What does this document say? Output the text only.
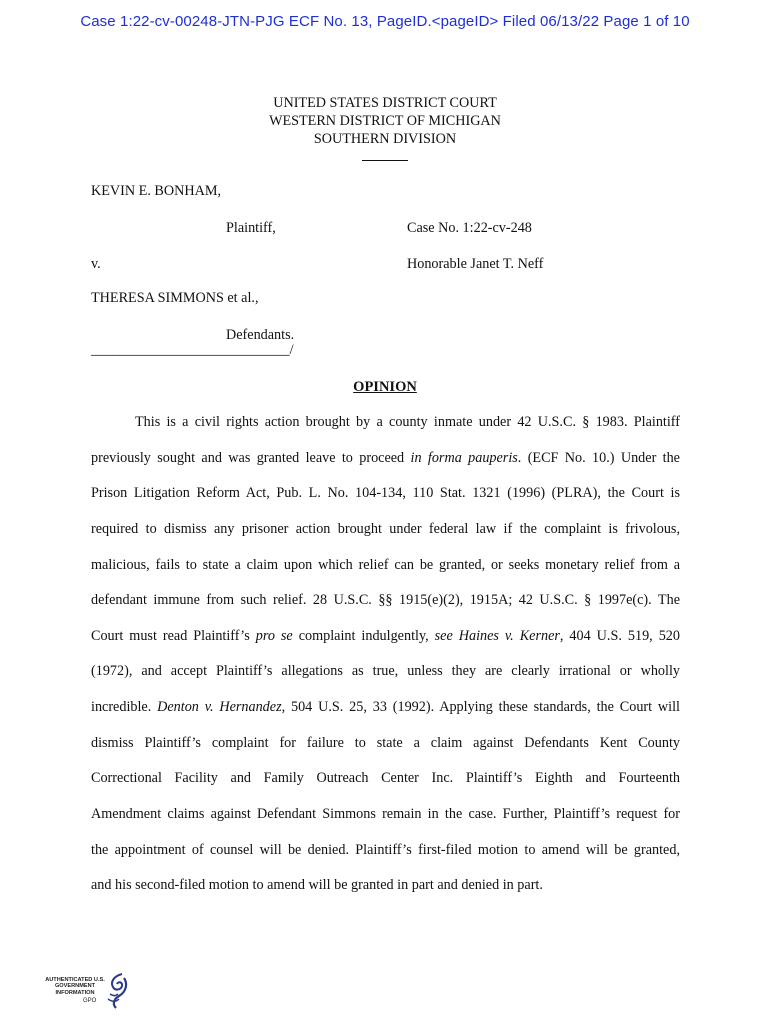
Case 1:22-cv-00248-JTN-PJG ECF No. 13, PageID.<pageID> Filed 06/13/22 Page 1 of 10
UNITED STATES DISTRICT COURT
WESTERN DISTRICT OF MICHIGAN
SOUTHERN DIVISION
KEVIN E. BONHAM,
Plaintiff,	Case No. 1:22-cv-248
v.	Honorable Janet T. Neff
THERESA SIMMONS et al.,
Defendants.
____________________________/
OPINION
This is a civil rights action brought by a county inmate under 42 U.S.C. § 1983. Plaintiff
previously sought and was granted leave to proceed in forma pauperis. (ECF No. 10.) Under the
Prison Litigation Reform Act, Pub. L. No. 104-134, 110 Stat. 1321 (1996) (PLRA), the Court is
required to dismiss any prisoner action brought under federal law if the complaint is frivolous,
malicious, fails to state a claim upon which relief can be granted, or seeks monetary relief from a
defendant immune from such relief. 28 U.S.C. §§ 1915(e)(2), 1915A; 42 U.S.C. § 1997e(c). The
Court must read Plaintiff’s pro se complaint indulgently, see Haines v. Kerner, 404 U.S. 519, 520
(1972), and accept Plaintiff’s allegations as true, unless they are clearly irrational or wholly
incredible. Denton v. Hernandez, 504 U.S. 25, 33 (1992). Applying these standards, the Court will
dismiss Plaintiff’s complaint for failure to state a claim against Defendants Kent County
Correctional Facility and Family Outreach Center Inc. Plaintiff’s Eighth and Fourteenth
Amendment claims against Defendant Simmons remain in the case. Further, Plaintiff’s request for
the appointment of counsel will be denied. Plaintiff’s first-filed motion to amend will be granted,
and his second-filed motion to amend will be granted in part and denied in part.
AUTHENTICATED U.S. GOVERNMENT INFORMATION
GPO
